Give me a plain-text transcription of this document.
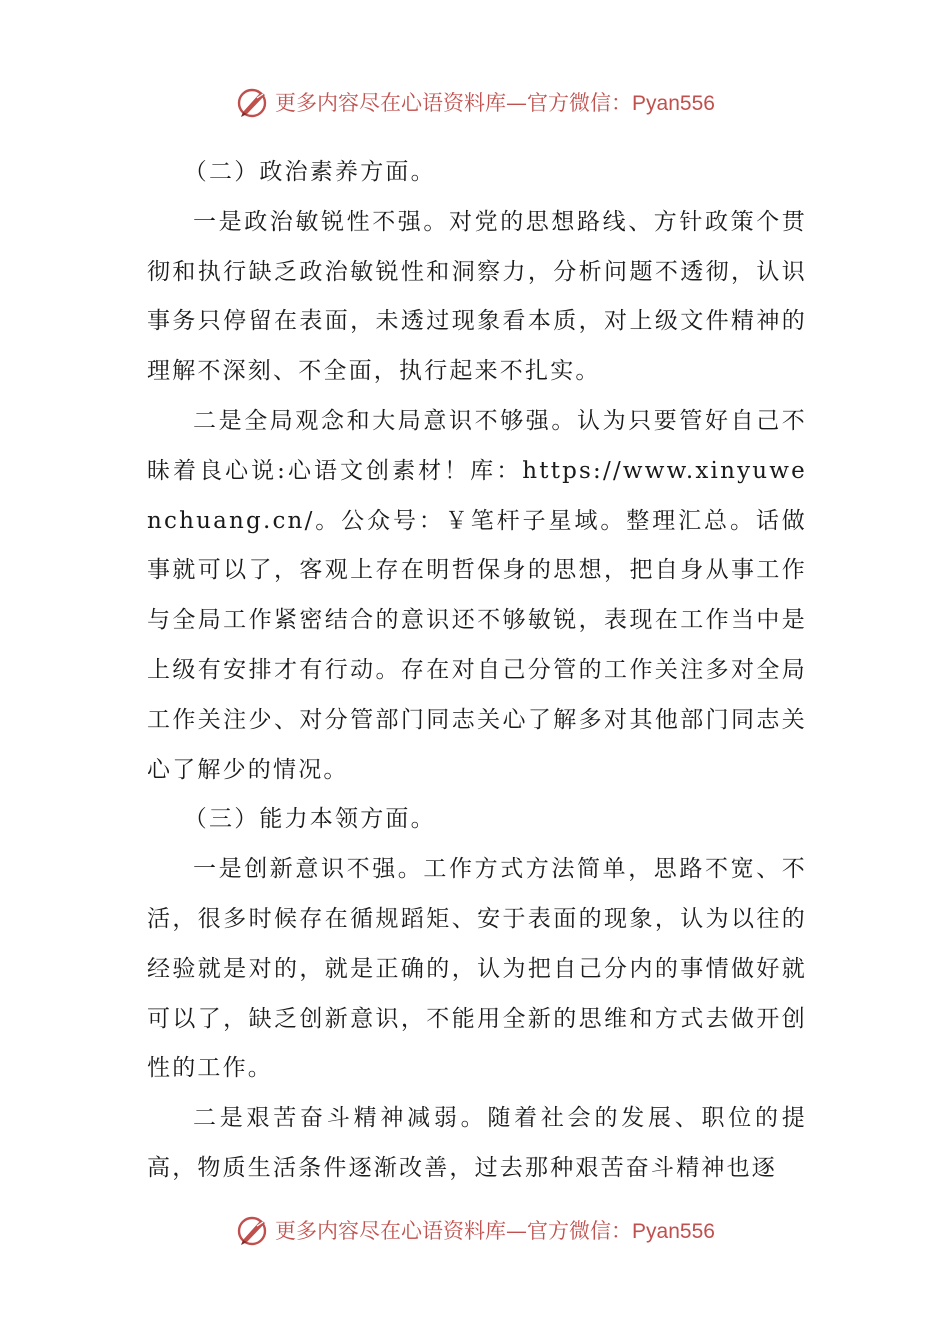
更多内容尽在心语资料库—官方微信：Pyan556

（二）政治素养方面。

一是政治敏锐性不强。对党的思想路线、方针政策个贯彻和执行缺乏政治敏锐性和洞察力，分析问题不透彻，认识事务只停留在表面，未透过现象看本质，对上级文件精神的理解不深刻、不全面，执行起来不扎实。

二是全局观念和大局意识不够强。认为只要管好自己不昧着良心说:心语文创素材！库：https://www.xinyuwenchuang.cn/。公众号：￥笔杆子星域。整理汇总。话做事就可以了，客观上存在明哲保身的思想，把自身从事工作与全局工作紧密结合的意识还不够敏锐，表现在工作当中是上级有安排才有行动。存在对自己分管的工作关注多对全局工作关注少、对分管部门同志关心了解多对其他部门同志关心了解少的情况。

（三）能力本领方面。

一是创新意识不强。工作方式方法简单，思路不宽、不活，很多时候存在循规蹈矩、安于表面的现象，认为以往的经验就是对的，就是正确的，认为把自己分内的事情做好就可以了，缺乏创新意识，不能用全新的思维和方式去做开创性的工作。

二是艰苦奋斗精神减弱。随着社会的发展、职位的提高，物质生活条件逐渐改善，过去那种艰苦奋斗精神也逐

更多内容尽在心语资料库—官方微信：Pyan556
